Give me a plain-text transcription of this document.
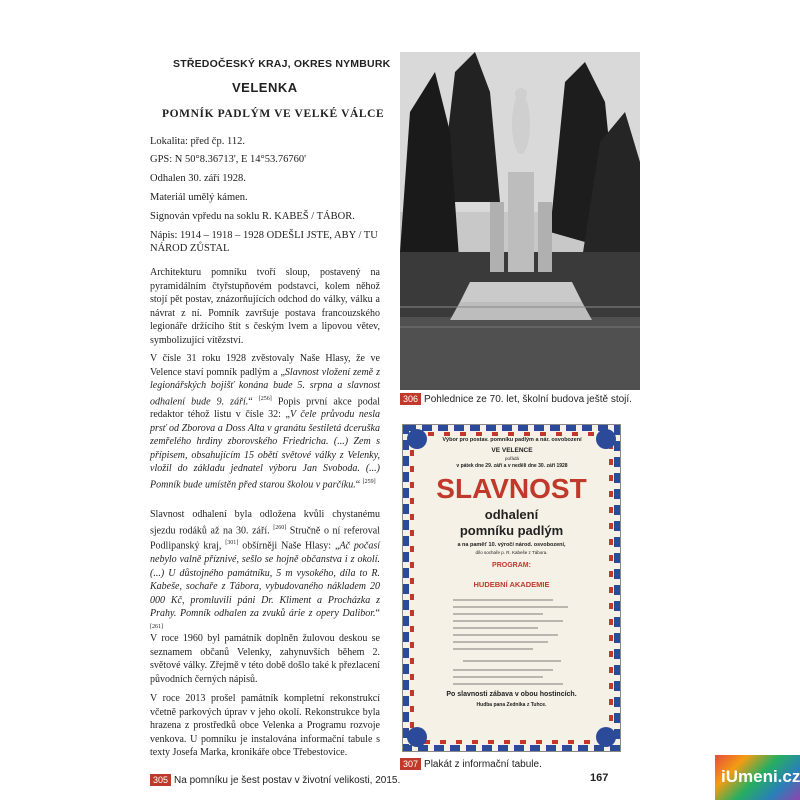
STŘEDOČESKÝ KRAJ, OKRES NYMBURK
VELENKA
POMNÍK PADLÝM VE VELKÉ VÁLCE
Lokalita: před čp. 112.
GPS: N 50°8.36713', E 14°53.76760'
Odhalen 30. září 1928.
Materiál umělý kámen.
Signován vpředu na soklu R. KABEŠ / TÁBOR.
Nápis: 1914 – 1918 – 1928 ODEŠLI JSTE, ABY / TU NÁROD ZŮSTAL
Architekturu pomníku tvoří sloup, postavený na pyramidálním čtyřstupňovém podstavci, kolem něhož stojí pět postav, znázorňujících odchod do války, válku a návrat z ní. Pomník završuje postava francouzského legionáře držícího štít s českým lvem a lipovou větev, symbolizující vítězství.
V čísle 31 roku 1928 zvěstovaly Naše Hlasy, že ve Velence staví pomník padlým a „Slavnost vložení země z legionářských bojišť konána bude 5. srpna a slavnost odhalení bude 9. září.“ [256] Popis první akce podal redaktor téhož listu v čísle 32: „V čele průvodu nesla prsť od Zborova a Doss Alta v granátu šestiletá dceruška zemřelého hrdiny zborovského Friedricha. (...) Zem s přípisem, obsahujícím 15 obětí světové války z Velenky, vložil do základu jednatel výboru Jan Svoboda. (...) Pomník bude umístěn před starou školou v parčíku.“ [259]
Slavnost odhalení byla odložena kvůli chystanému sjezdu rodáků až na 30. září. [260] Stručně o ní referoval Podlipanský kraj, [301] obšírněji Naše Hlasy: „Ač počasí nebylo valně příznivé, sešlo se hojně občanstva i z okolí. (...) U důstojného památníku, 5 m vysokého, díla to R. Kabeše, sochaře z Tábora, vybudovaného nákladem 20 000 Kč, promluvili páni Dr. Kliment a Procházka z Prahy. Pomník odhalen za zvuků árie z opery Dalibor.“ [261]
V roce 1960 byl památník doplněn žulovou deskou se seznamem občanů Velenky, zahynuvších během 2. světové války. Zřejmě v této době došlo také k přezlacení původních černých nápisů.
V roce 2013 prošel památník kompletní rekonstrukcí včetně parkových úprav v jeho okolí. Rekonstrukce byla hrazena z prostředků obce Velenka a Programu rozvoje venkova. U pomníku je instalována informační tabule s texty Josefa Marka, kronikáře obce Třebestovice.
306 Pohlednice ze 70. let, školní budova ještě stojí.
Výbor pro postav. pomníku padlým a nár. osvobození
VE VELENCE
pořádá
v pátek dne 29. září a v neděli dne 30. září 1928
SLAVNOST
odhalení
pomníku padlým
a na paměť 10. výročí národ. osvobození,
dílo sochaře p. R. Kabeše z Tábora.
PROGRAM:
HUDEBNÍ AKADEMIE
Po slavnosti zábava v obou hostincích.
Hudba pana Zedníka z Tuhce.
307 Plakát z informační tabule.
305 Na pomníku je šest postav v životní velikosti, 2015.	167	iUmeni.cz
